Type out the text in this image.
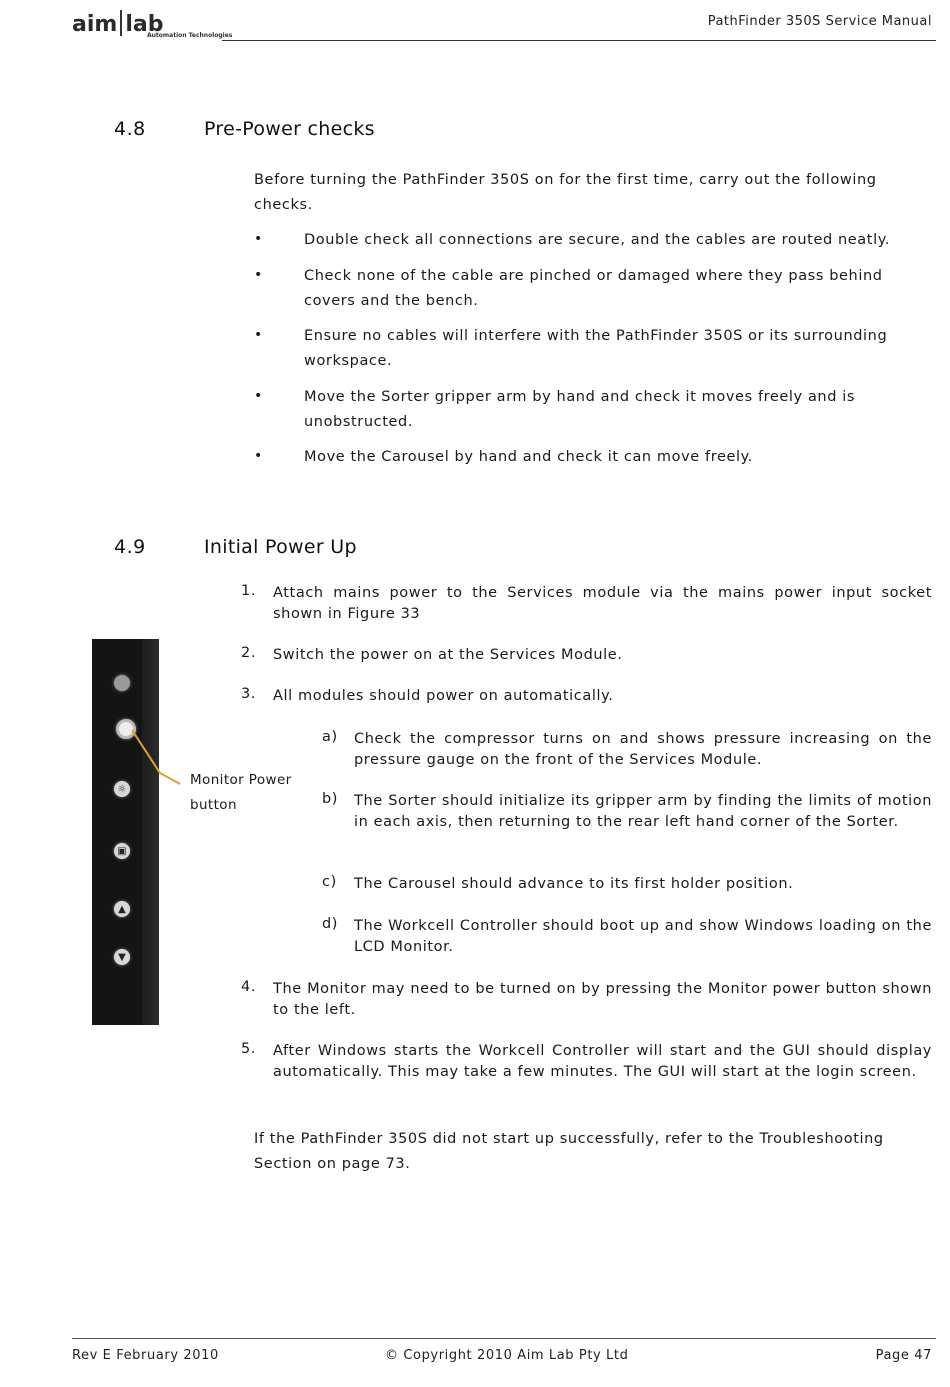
aim lab
Automation Technologies
PathFinder 350S Service Manual
4.8	Pre-Power checks
Before turning the PathFinder 350S on for the first time, carry out the following checks.
•	Double check all connections are secure, and the cables are routed neatly.
•	Check none of the cable are pinched or damaged where they pass behind covers and the bench.
•	Ensure no cables will interfere with the PathFinder 350S or its surrounding workspace.
•	Move the Sorter gripper arm by hand and check it moves freely and is unobstructed.
•	Move the Carousel by hand and check it can move freely.
4.9	Initial Power Up
1. Attach mains power to the Services module via the mains power input socket shown in Figure 33
2. Switch the power on at the Services Module.
3. All modules should power on automatically.
a) Check the compressor turns on and shows pressure increasing on the pressure gauge on the front of the Services Module.
b) The Sorter should initialize its gripper arm by finding the limits of motion in each axis, then returning to the rear left hand corner of the Sorter.
c) The Carousel should advance to its first holder position.
d) The Workcell Controller should boot up and show Windows loading on the LCD Monitor.
4. The Monitor may need to be turned on by pressing the Monitor power button shown to the left.
5. After Windows starts the Workcell Controller will start and the GUI should display automatically. This may take a few minutes. The GUI will start at the login screen.
If the PathFinder 350S did not start up successfully, refer to the Troubleshooting Section on page 73.
☼
▣
▲
▼
Monitor Power button
Rev E February 2010	© Copyright 2010 Aim Lab Pty Ltd	Page 47
